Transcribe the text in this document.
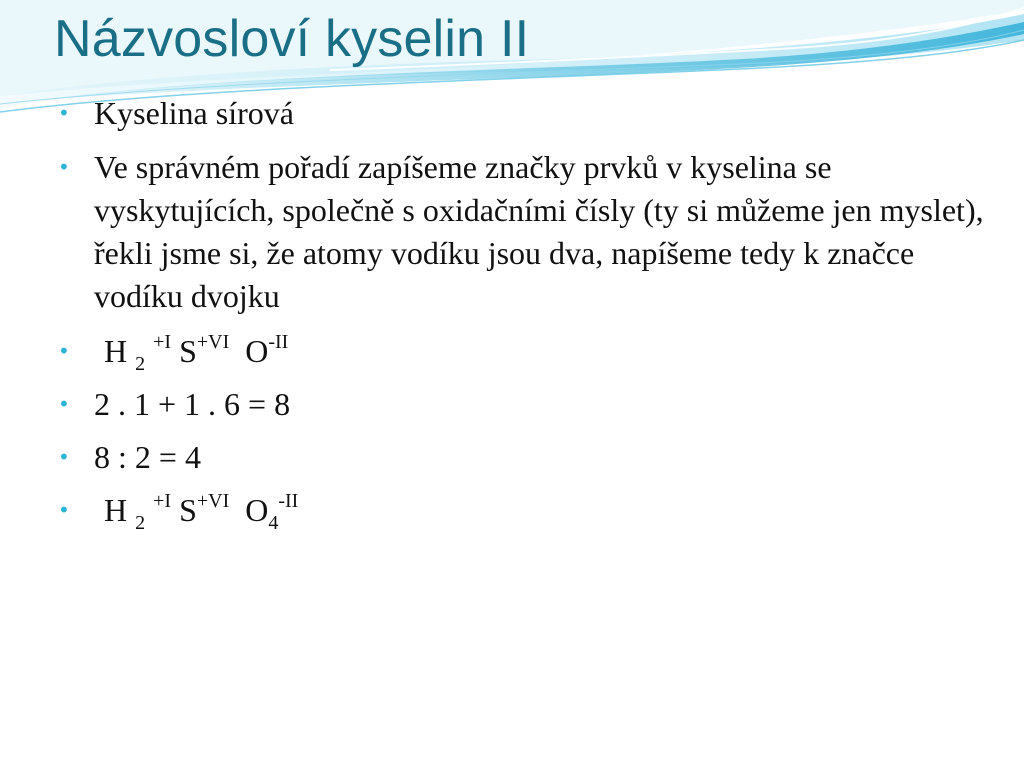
Názvosloví kyselin II
• Kyselina sírová
• Ve správném pořadí zapíšeme značky prvků v kyselina se vyskytujících, společně s oxidačními čísly (ty si můžeme jen myslet), řekli jsme si, že atomy vodíku jsou dva, napíšeme tedy k značce vodíku dvojku
• H $_2$ $^{+I}$ $S^{+VI}$ $O^{-II}$
• 2 . 1 + 1 . 6 = 8
• 8 : 2 = 4
• H $_2$ $^{+I}$ $S^{+VI}$ $O_4^{-II}$
